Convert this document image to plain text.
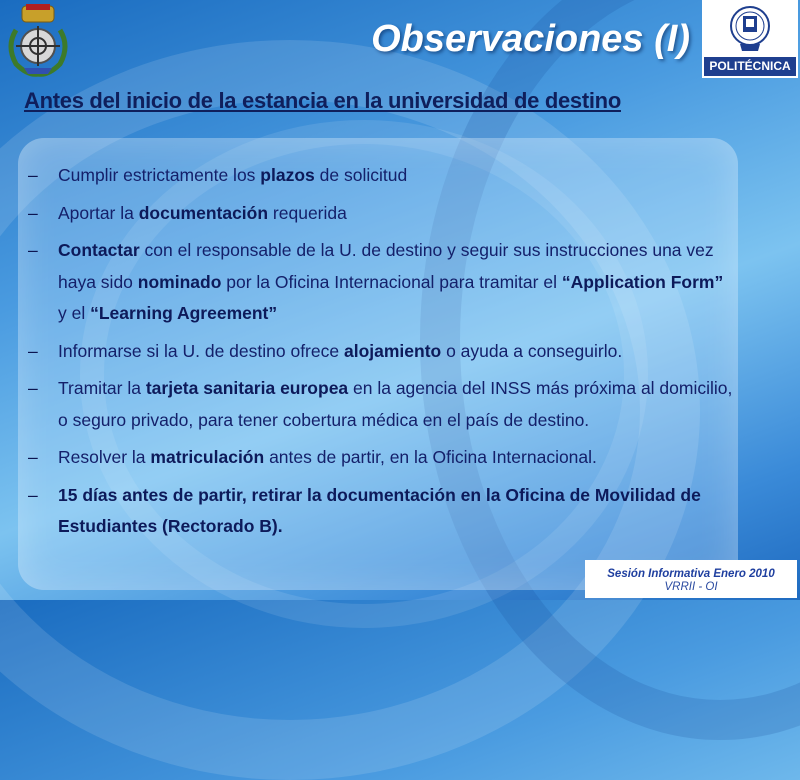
Observaciones (I)
POLITÉCNICA
Antes del inicio de la estancia en la universidad de destino
– Cumplir estrictamente los plazos de solicitud
– Aportar la documentación requerida
– Contactar con el responsable de la U. de destino y seguir sus instrucciones una vez haya sido nominado por la Oficina Internacional para tramitar el “Application Form” y el “Learning Agreement”
– Informarse si la U. de destino ofrece alojamiento o ayuda a conseguirlo.
– Tramitar la tarjeta sanitaria europea en la agencia del INSS más próxima al domicilio, o seguro privado, para tener cobertura médica en el país de destino.
– Resolver la matriculación antes de partir, en la Oficina Internacional.
– 15 días antes de partir, retirar la documentación en la Oficina de Movilidad de Estudiantes (Rectorado B).
Sesión Informativa Enero 2010
VRRII - OI
